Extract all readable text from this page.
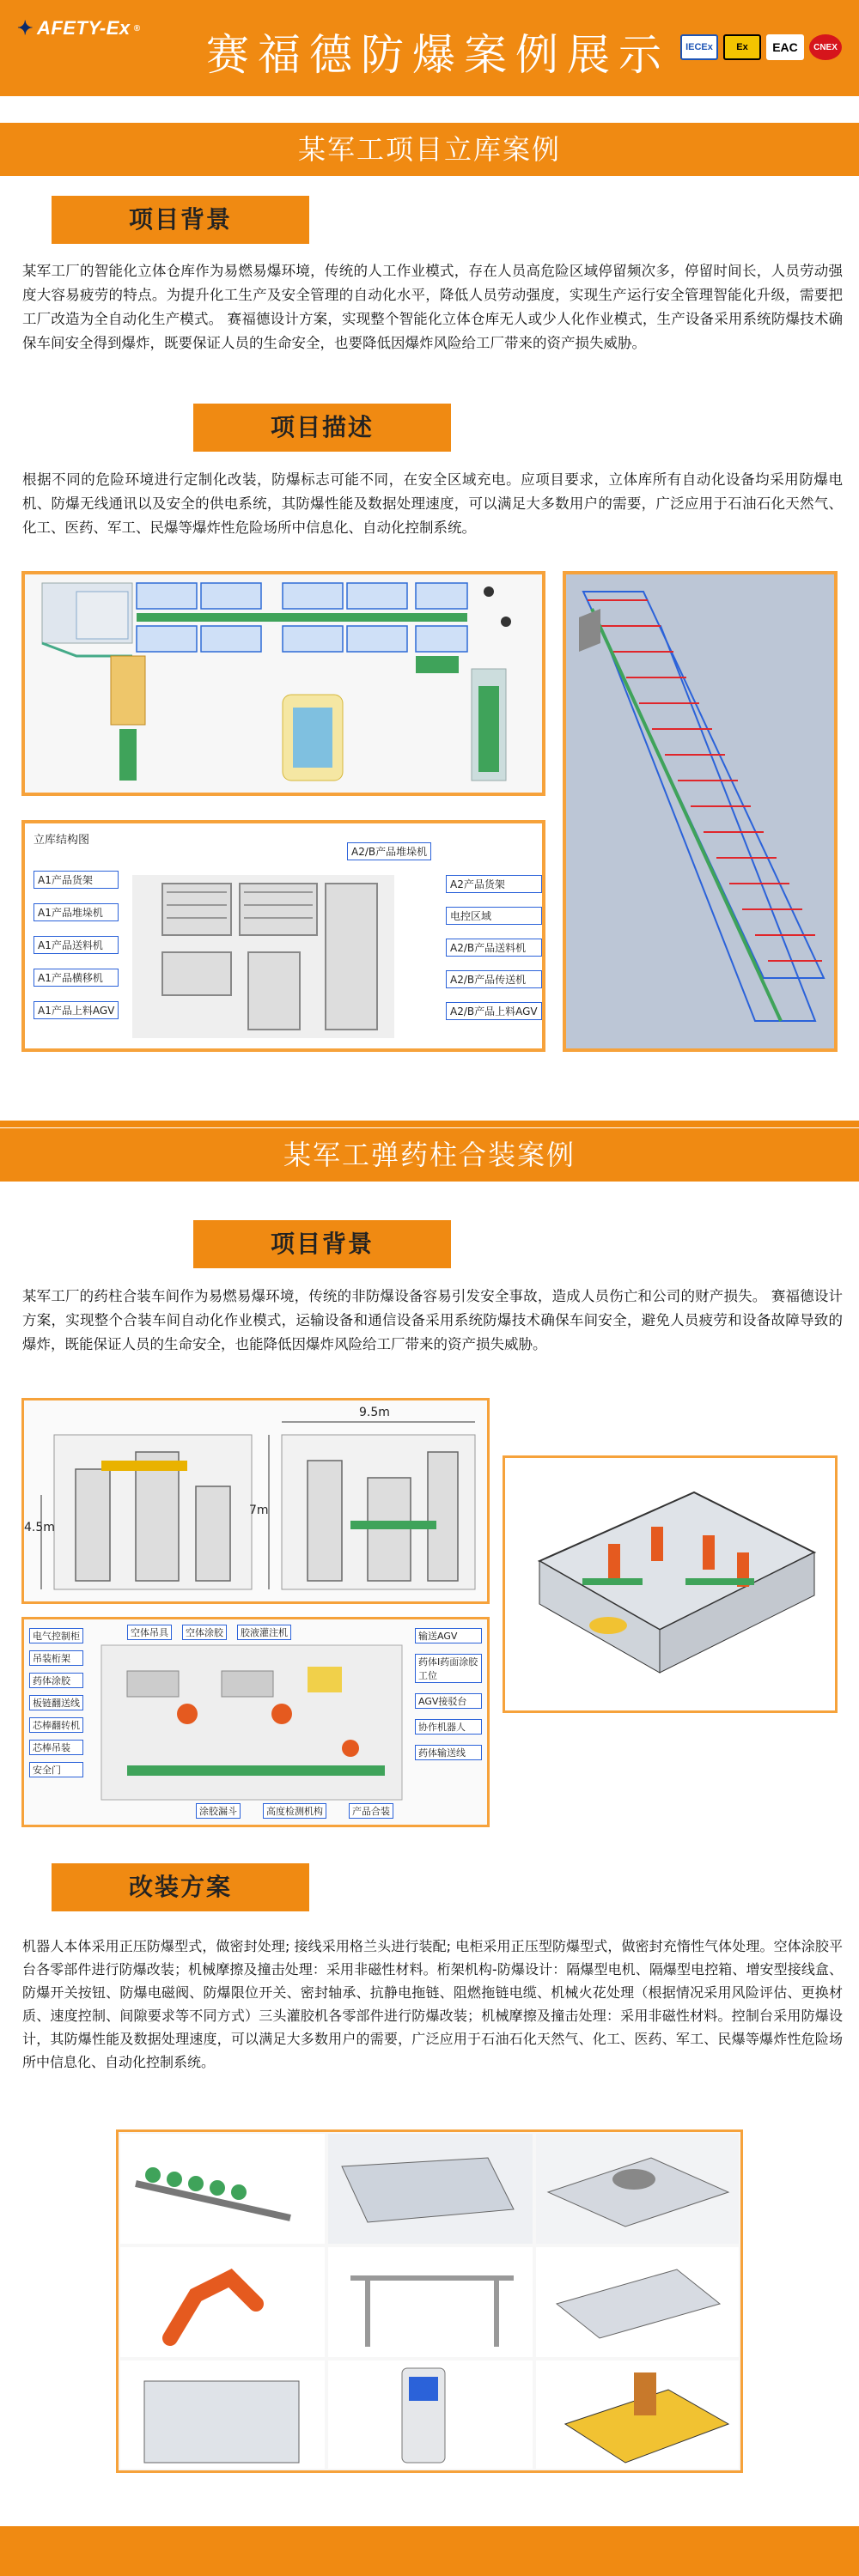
✦ AFETY-Ex ®
赛福德防爆案例展示	IECEx	Ex	EAC	CNEX
某军工项目立库案例
项目背景
某军工厂的智能化立体仓库作为易燃易爆环境，传统的人工作业模式，存在人员高危险区域停留频次多，停留时间长，人员劳动强度大容易疲劳的特点。为提升化工生产及安全管理的自动化水平，降低人员劳动强度，实现生产运行安全管理智能化升级，需要把工厂改造为全自动化生产模式。 赛福德设计方案，实现整个智能化立体仓库无人或少人化作业模式，生产设备采用系统防爆技术确保车间安全得到爆炸，既要保证人员的生命安全，也要降低因爆炸风险给工厂带来的资产损失威胁。
项目描述
根据不同的危险环境进行定制化改装，防爆标志可能不同，在安全区域充电。应项目要求，立体库所有自动化设备均采用防爆电机、防爆无线通讯以及安全的供电系统，其防爆性能及数据处理速度，可以满足大多数用户的需要，广泛应用于石油石化天然气、化工、医药、军工、民爆等爆炸性危险场所中信息化、自动化控制系统。
立库结构图
A1产品货架
A1产品堆垛机
A1产品送料机
A1产品横移机
A1产品上料AGV
A2/B产品堆垛机
A2产品货架
电控区域
A2/B产品送料机
A2/B产品传送机
A2/B产品上料AGV
某军工弹药柱合装案例
项目背景
某军工厂的药柱合装车间作为易燃易爆环境，传统的非防爆设备容易引发安全事故，造成人员伤亡和公司的财产损失。 赛福德设计方案，实现整个合装车间自动化作业模式，运输设备和通信设备采用系统防爆技术确保车间安全，避免人员疲劳和设备故障导致的爆炸，既能保证人员的生命安全，也能降低因爆炸风险给工厂带来的资产损失威胁。
9.5m
7m
4.5m
电气控制柜
吊装桁架
药体涂胶
板链翻送线
芯棒翻转机
芯棒吊装
安全门
空体吊具	空体涂胶	胶液灌注机	输送AGV
药体I药面涂胶工位
AGV接驳台
协作机器人
药体输送线
涂胶漏斗	高度检测机构	产品合装
改装方案
机器人本体采用正压防爆型式，做密封处理; 接线采用格兰头进行装配; 电柜采用正压型防爆型式，做密封充惰性气体处理。空体涂胶平台各零部件进行防爆改装；机械摩擦及撞击处理：采用非磁性材料。桁架机构-防爆设计：隔爆型电机、隔爆型电控箱、增安型接线盒、防爆开关按钮、防爆电磁阀、防爆限位开关、密封轴承、抗静电拖链、阻燃拖链电缆、机械火花处理（根据情况采用风险评估、更换材质、速度控制、间隙要求等不同方式）三头灌胶机各零部件进行防爆改装；机械摩擦及撞击处理：采用非磁性材料。控制台采用防爆设计，其防爆性能及数据处理速度，可以满足大多数用户的需要，广泛应用于石油石化天然气、化工、医药、军工、民爆等爆炸性危险场所中信息化、自动化控制系统。
